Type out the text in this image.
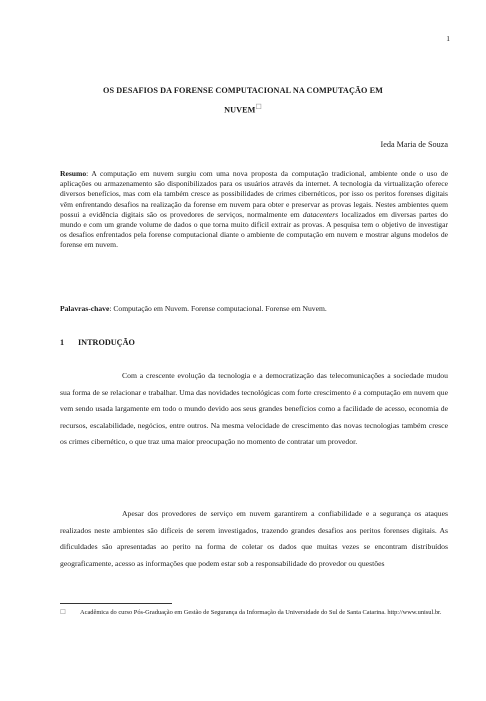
1
OS DESAFIOS DA FORENSE COMPUTACIONAL NA COMPUTAÇÃO EM
NUVEM☐
Ieda Maria de Souza
Resumo: A computação em nuvem surgiu com uma nova proposta da computação tradicional, ambiente onde o uso de aplicações ou armazenamento são disponibilizados para os usuários através da internet. A tecnologia da virtualização oferece diversos benefícios, mas com ela também cresce as possibilidades de crimes cibernéticos, por isso os peritos forenses digitais vêm enfrentando desafios na realização da forense em nuvem para obter e preservar as provas legais. Nestes ambientes quem possui a evidência digitais são os provedores de serviços, normalmente em datacenters localizados em diversas partes do mundo e com um grande volume de dados o que torna muito difícil extrair as provas. A pesquisa tem o objetivo de investigar os desafios enfrentados pela forense computacional diante o ambiente de computação em nuvem e mostrar alguns modelos de forense em nuvem.
Palavras-chave: Computação em Nuvem. Forense computacional. Forense em Nuvem.
1 INTRODUÇÃO
Com a crescente evolução da tecnologia e a democratização das telecomunicações a sociedade mudou sua forma de se relacionar e trabalhar. Uma das novidades tecnológicas com forte crescimento é a computação em nuvem que vem sendo usada largamente em todo o mundo devido aos seus grandes benefícios como a facilidade de acesso, economia de recursos, escalabilidade, negócios, entre outros. Na mesma velocidade de crescimento das novas tecnologias também cresce os crimes cibernético, o que traz uma maior preocupação no momento de contratar um provedor.
Apesar dos provedores de serviço em nuvem garantirem a confiabilidade e a segurança os ataques realizados neste ambientes são difíceis de serem investigados, trazendo grandes desafios aos peritos forenses digitais. As dificuldades são apresentadas ao perito na forma de coletar os dados que muitas vezes se encontram distribuídos geograficamente, acesso as informações que podem estar sob a responsabilidade do provedor ou questões
☐ Acadêmica do curso Pós-Graduação em Gestão de Segurança da Informação da Universidade do Sul de Santa Catarina. http://www.unisul.br.
